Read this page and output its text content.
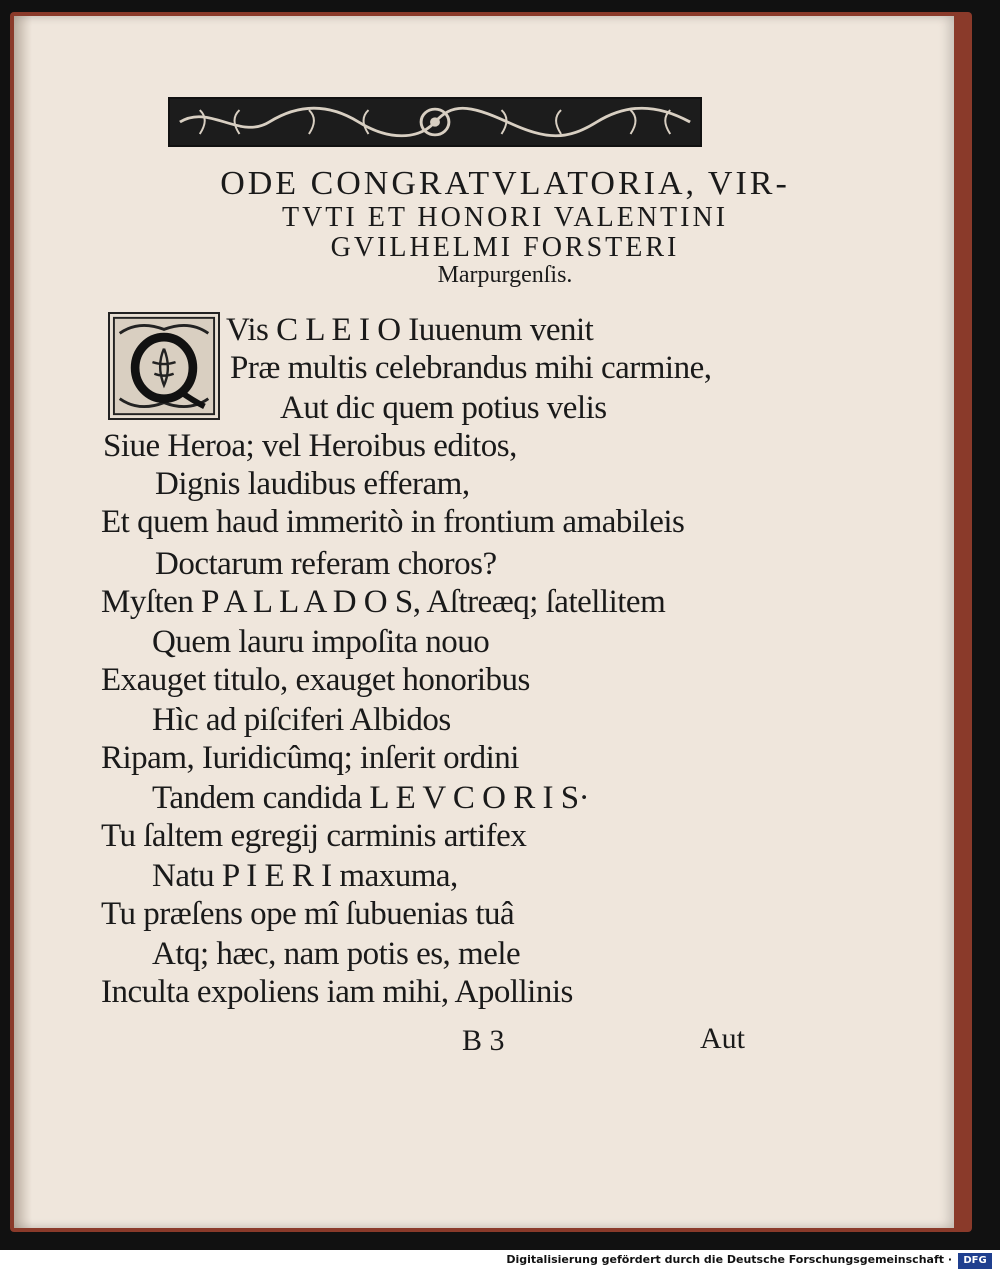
ODE CONGRATVLATORIA, VIR-
TVTI ET HONORI VALENTINI
GVILHELMI FORSTERI
Marpurgenſis.
Vis C L E I O Iuuenum venit
Præ multis celebrandus mihi carmine,
Aut dic quem potius velis
Siue Heroa; vel Heroibus editos,
Dignis laudibus efferam,
Et quem haud immeritò in frontium amabileis
Doctarum referam choros?
Myſten P A L L A D O S, Aſtreæq; ſatellitem
Quem lauru impoſita nouo
Exauget titulo, exauget honoribus
Hìc ad piſciferi Albidos
Ripam, Iuridicûmq; inſerit ordini
Tandem candida L E V C O R I S·
Tu ſaltem egregij carminis artifex
Natu P I E R I maxuma,
Tu præſens ope mî ſubuenias tuâ
Atq; hæc, nam potis es, mele
Inculta expoliens iam mihi, Apollinis
B 3	Aut
Digitalisierung gefördert durch die Deutsche Forschungsgemeinschaft ·	DFG
